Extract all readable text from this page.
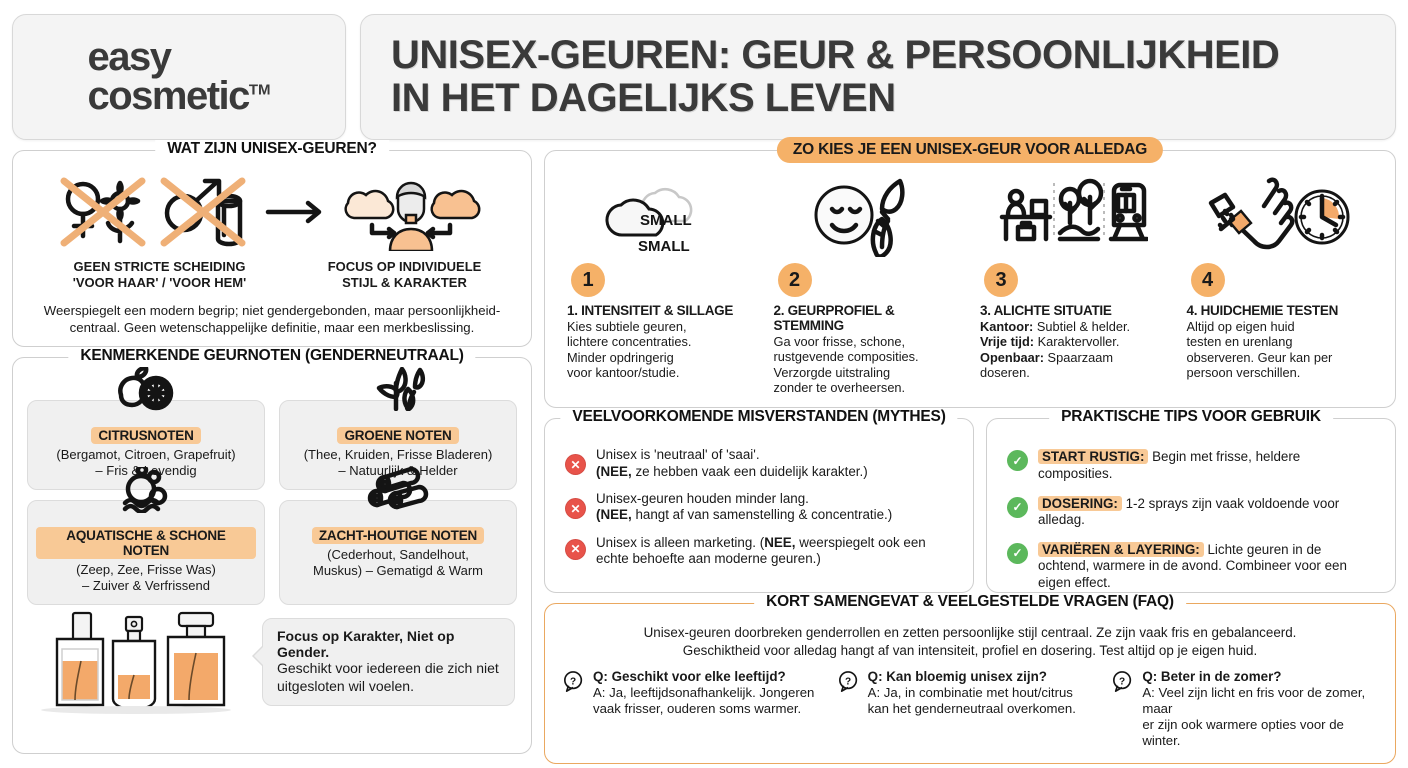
easy
cosmetic™
UNISEX-GEUREN: GEUR & PERSOONLIJKHEID
IN HET DAGELIJKS LEVEN
WAT ZIJN UNISEX-GEUREN?
GEEN STRICTE SCHEIDING
'VOOR HAAR' / 'VOOR HEM'
FOCUS OP INDIVIDUELE
STIJL & KARAKTER
Weerspiegelt een modern begrip; niet gendergebonden, maar persoonlijkheid-centraal. Geen wetenschappelijke definitie, maar een merkbeslissing.
KENMERKENDE GEURNOTEN (GENDERNEUTRAAL)
CITRUSNOTEN
(Bergamot, Citroen, Grapefruit)
– Fris & Levendig
GROENE NOTEN
(Thee, Kruiden, Frisse Bladeren)
– Natuurlijk & Helder
AQUATISCHE & SCHONE NOTEN
(Zeep, Zee, Frisse Was)
– Zuiver & Verfrissend
ZACHT-HOUTIGE NOTEN
(Cederhout, Sandelhout,
Muskus) – Gematigd & Warm
Focus op Karakter, Niet op Gender.
Geschikt voor iedereen die zich niet
uitgesloten wil voelen.
ZO KIES JE EEN UNISEX-GEUR VOOR ALLEDAG
SMALL
SMALL
1
1. INTENSITEIT & SILLAGE
Kies subtiele geuren,
lichtere concentraties.
Minder opdringerig
voor kantoor/studie.
2
2. GEURPROFIEL & STEMMING
Ga voor frisse, schone,
rustgevende composities.
Verzorgde uitstraling
zonder te overheersen.
3
3. ALICHTE SITUATIE
Kantoor: Subtiel & helder.
Vrije tijd: Karaktervoller.
Openbaar: Spaarzaam
doseren.
4
4. HUIDCHEMIE TESTEN
Altijd op eigen huid
testen en urenlang
observeren. Geur kan per
persoon verschillen.
VEELVOORKOMENDE MISVERSTANDEN (MYTHES)
✕
Unisex is 'neutraal' of 'saai'.
(NEE, ze hebben vaak een duidelijk karakter.)
✕
Unisex-geuren houden minder lang.
(NEE, hangt af van samenstelling & concentratie.)
✕	Unisex is alleen marketing. (NEE, weerspiegelt ook een echte behoefte aan moderne geuren.)
PRAKTISCHE TIPS VOOR GEBRUIK
✓	START RUSTIG: Begin met frisse, heldere composities.
✓	DOSERING: 1-2 sprays zijn vaak voldoende voor alledag.
✓	VARIËREN & LAYERING: Lichte geuren in de ochtend, warmere in de avond. Combineer voor een eigen effect.
KORT SAMENGEVAT & VEELGESTELDE VRAGEN (FAQ)
Unisex-geuren doorbreken genderrollen en zetten persoonlijke stijl centraal. Ze zijn vaak fris en gebalanceerd.
Geschiktheid voor alledag hangt af van intensiteit, profiel en dosering. Test altijd op je eigen huid.
? Q: Geschikt voor elke leeftijd?
A: Ja, leeftijdsonafhankelijk. Jongeren
vaak frisser, ouderen soms warmer.
? Q: Kan bloemig unisex zijn?
A: Ja, in combinatie met hout/citrus
kan het genderneutraal overkomen.
? Q: Beter in de zomer?
A: Veel zijn licht en fris voor de zomer, maar
er zijn ook warmere opties voor de winter.
